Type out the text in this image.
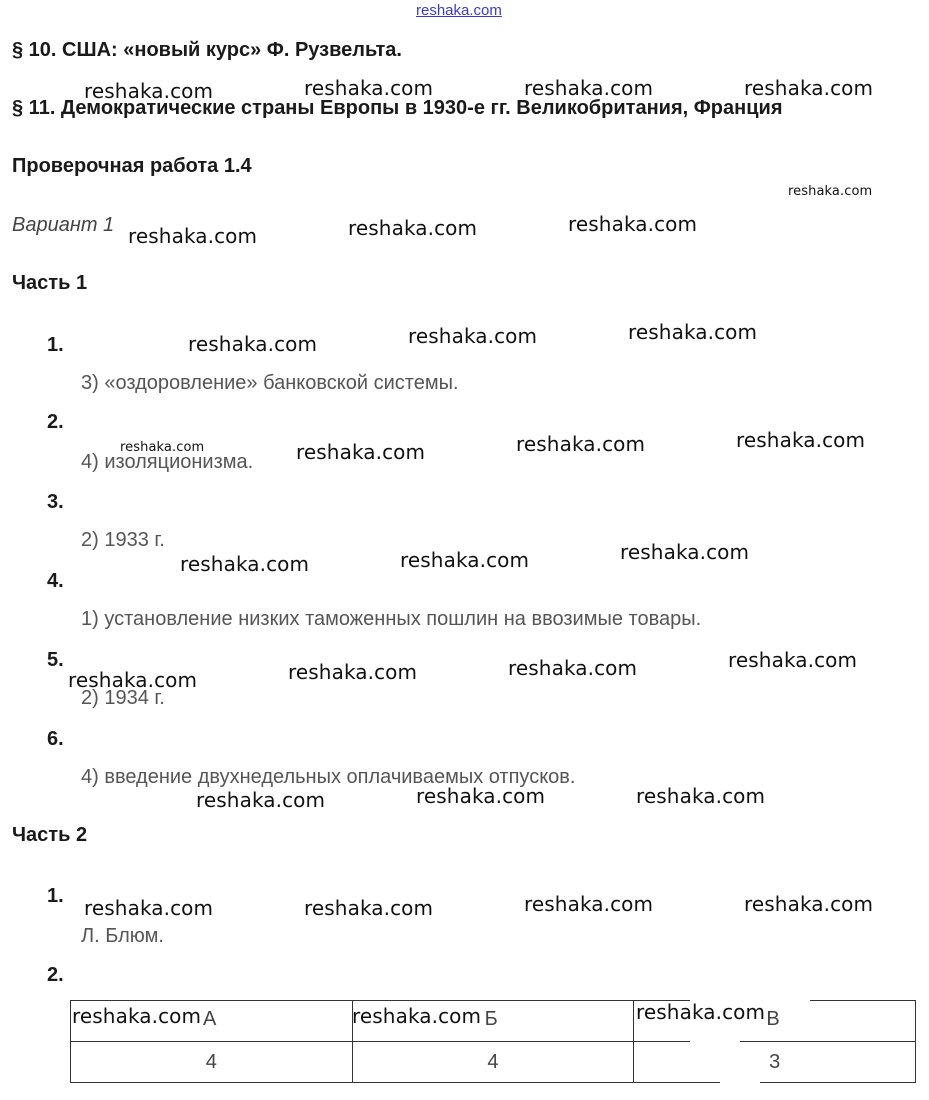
reshaka.com
§ 10. США: «новый курс» Ф. Рузвельта.
§ 11. Демократические страны Европы в 1930-е гг. Великобритания, Франция
Проверочная работа 1.4
Вариант 1
Часть 1
1.
3) «оздоровление» банковской системы.
2.
4) изоляционизма.
3.
2) 1933 г.
4.
1) установление низких таможенных пошлин на ввозимые товары.
5.
2) 1934 г.
6.
4) введение двухнедельных оплачиваемых отпусков.
Часть 2
1.
Л. Блюм.
2.
А	Б	В

4	4	3
reshaka.com	reshaka.com	reshaka.com	reshaka.com
reshaka.com
reshaka.com	reshaka.com	reshaka.com
reshaka.com	reshaka.com	reshaka.com
reshaka.com	reshaka.com	reshaka.com	reshaka.com
reshaka.com	reshaka.com	reshaka.com
reshaka.com	reshaka.com	reshaka.com	reshaka.com
reshaka.com	reshaka.com	reshaka.com
reshaka.com	reshaka.com	reshaka.com	reshaka.com
reshaka.com	reshaka.com	reshaka.com
